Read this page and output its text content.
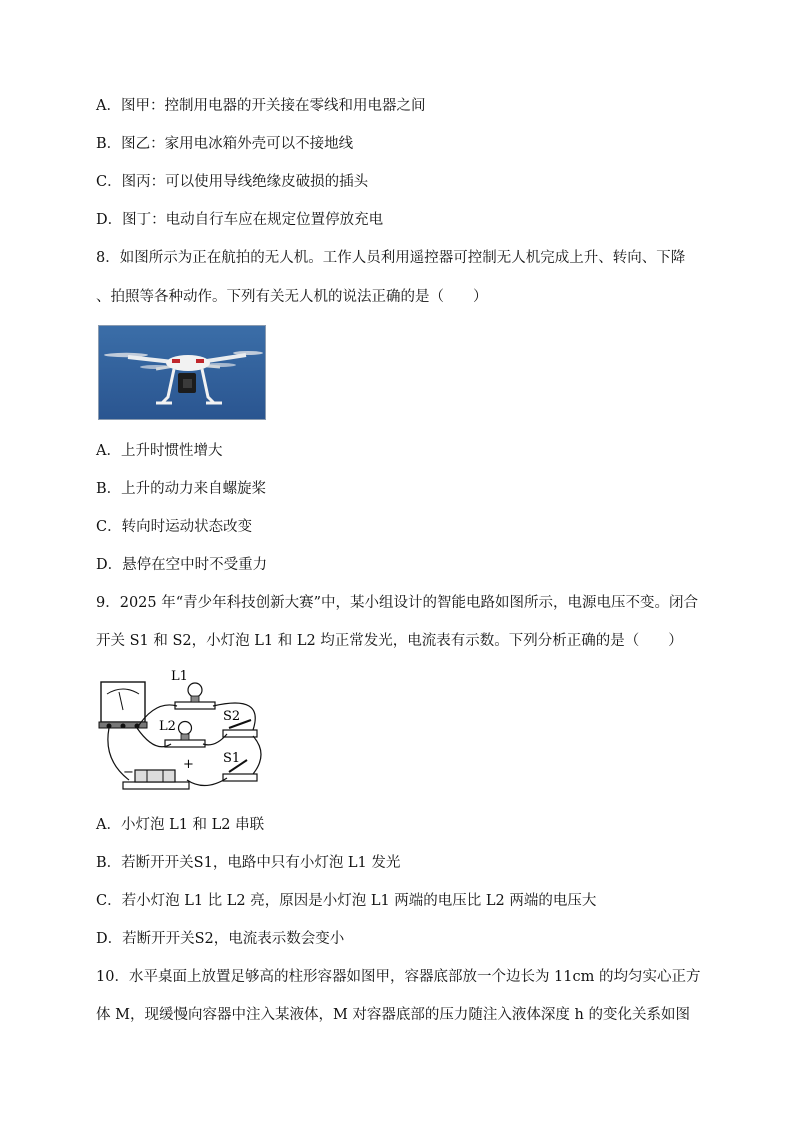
A．图甲：控制用电器的开关接在零线和用电器之间
B．图乙：家用电冰箱外壳可以不接地线
C．图丙：可以使用导线绝缘皮破损的插头
D．图丁：电动自行车应在规定位置停放充电
8．如图所示为正在航拍的无人机。工作人员利用遥控器可控制无人机完成上升、转向、下降
、拍照等各种动作。下列有关无人机的说法正确的是（　　）
A．上升时惯性增大
B．上升的动力来自螺旋桨
C．转向时运动状态改变
D．悬停在空中时不受重力
9．2025 年“青少年科技创新大赛”中，某小组设计的智能电路如图所示，电源电压不变。闭合
开关 S1 和 S2，小灯泡 L1 和 L2 均正常发光，电流表有示数。下列分析正确的是（　　）
L1
L2
S2
S1
−
+
A．小灯泡 L1 和 L2 串联
B．若断开开关S1，电路中只有小灯泡 L1 发光
C．若小灯泡 L1 比 L2 亮，原因是小灯泡 L1 两端的电压比 L2 两端的电压大
D．若断开开关S2，电流表示数会变小
10．水平桌面上放置足够高的柱形容器如图甲，容器底部放一个边长为 11cm 的均匀实心正方
体 M，现缓慢向容器中注入某液体，M 对容器底部的压力随注入液体深度 h 的变化关系如图
